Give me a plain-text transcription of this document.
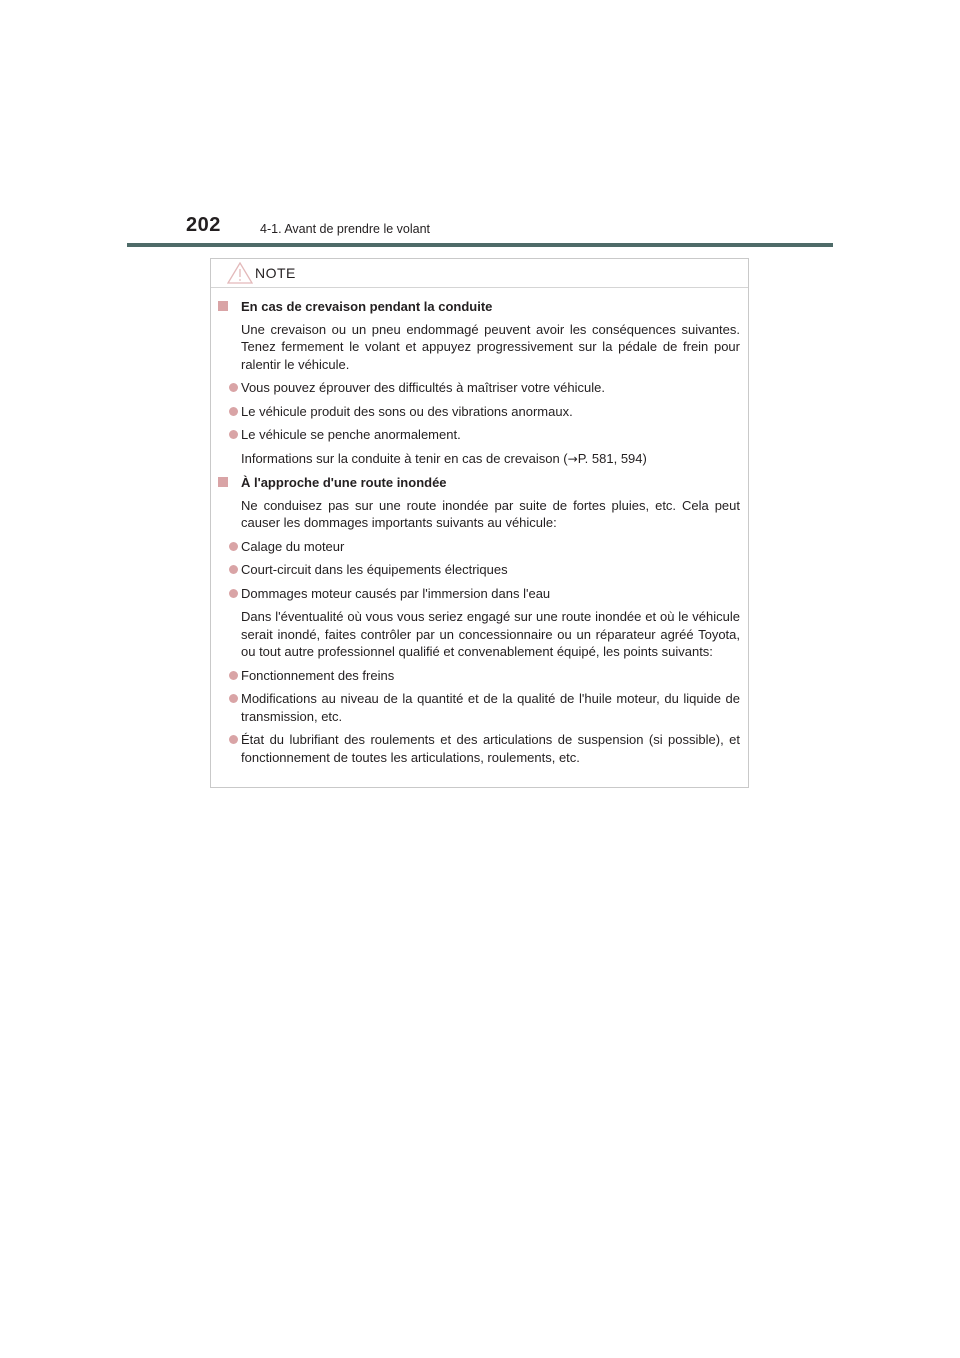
202	4-1. Avant de prendre le volant
NOTE
En cas de crevaison pendant la conduite
Une crevaison ou un pneu endommagé peuvent avoir les conséquences suivantes. Tenez fermement le volant et appuyez progressivement sur la pédale de frein pour ralentir le véhicule.
Vous pouvez éprouver des difficultés à maîtriser votre véhicule.
Le véhicule produit des sons ou des vibrations anormaux.
Le véhicule se penche anormalement.
Informations sur la conduite à tenir en cas de crevaison (→P. 581, 594)
À l'approche d'une route inondée
Ne conduisez pas sur une route inondée par suite de fortes pluies, etc. Cela peut causer les dommages importants suivants au véhicule:
Calage du moteur
Court-circuit dans les équipements électriques
Dommages moteur causés par l'immersion dans l'eau
Dans l'éventualité où vous vous seriez engagé sur une route inondée et où le véhicule serait inondé, faites contrôler par un concessionnaire ou un réparateur agréé Toyota, ou tout autre professionnel qualifié et convenablement équipé, les points suivants:
Fonctionnement des freins
Modifications au niveau de la quantité et de la qualité de l'huile moteur, du liquide de transmission, etc.
État du lubrifiant des roulements et des articulations de suspension (si possible), et fonctionnement de toutes les articulations, roulements, etc.
